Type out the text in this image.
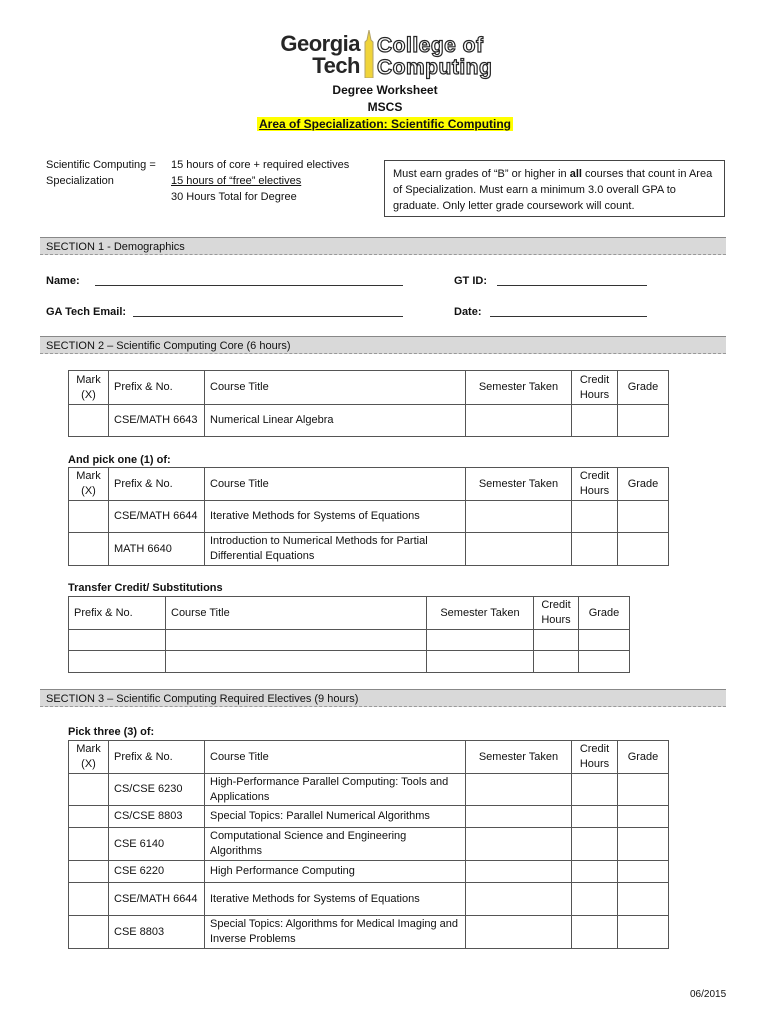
Georgia
Tech
College of
Computing
Degree Worksheet
MSCS
Area of Specialization: Scientific Computing
Scientific Computing =
Specialization
15 hours of core + required electives
15 hours of “free” electives
30 Hours Total for Degree
Must earn grades of “B” or higher in all courses that count in Area of Specialization. Must earn a minimum 3.0 overall GPA to graduate. Only letter grade coursework will count.
SECTION 1 - Demographics
Name:	GT ID:
GA Tech Email:	Date:
SECTION 2 – Scientific Computing Core (6 hours)
Mark (X)	Prefix & No.	Course Title	Semester Taken	Credit Hours	Grade
	CSE/MATH 6643	Numerical Linear Algebra			
And pick one (1) of:
Mark (X)	Prefix & No.	Course Title	Semester Taken	Credit Hours	Grade
	CSE/MATH 6644	Iterative Methods for Systems of Equations			
	MATH 6640	Introduction to Numerical Methods for Partial Differential Equations			
Transfer Credit/ Substitutions
Prefix & No.	Course Title	Semester Taken	Credit Hours	Grade

SECTION 3 – Scientific Computing Required Electives (9 hours)
Pick three (3) of:
Mark (X)	Prefix & No.	Course Title	Semester Taken	Credit Hours	Grade
	CS/CSE 6230	High-Performance Parallel Computing: Tools and Applications			
	CS/CSE 8803	Special Topics: Parallel Numerical Algorithms			
	CSE 6140	Computational Science and Engineering Algorithms			
	CSE 6220	High Performance Computing			
	CSE/MATH 6644	Iterative Methods for Systems of Equations			
	CSE 8803	Special Topics: Algorithms for Medical Imaging and Inverse Problems			
06/2015
